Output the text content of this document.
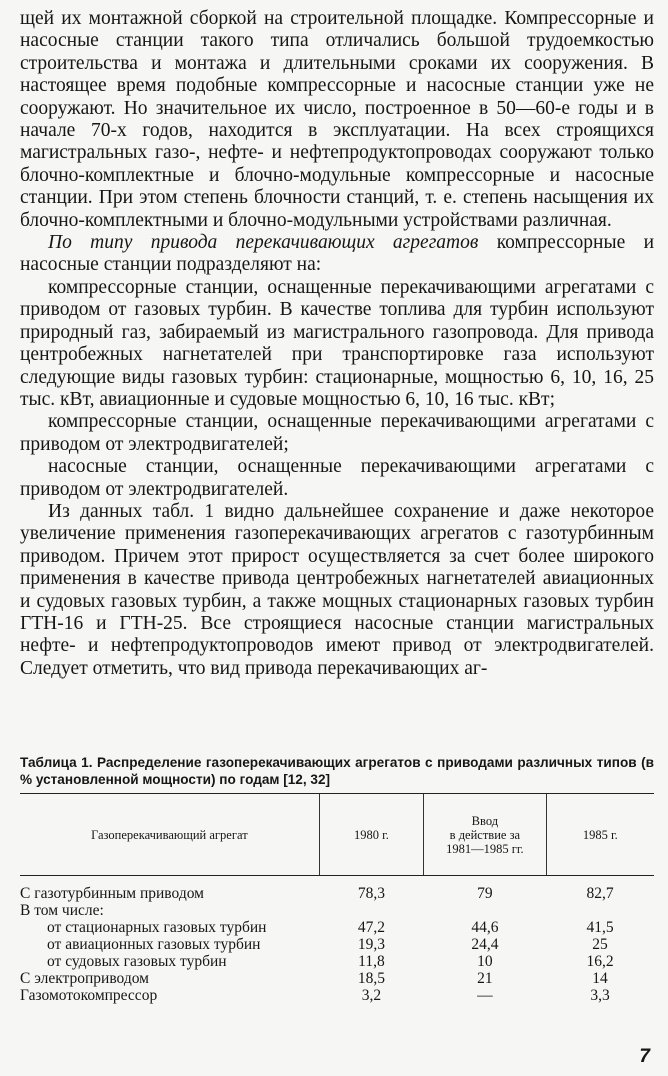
щей их монтажной сборкой на строительной площадке. Компрессорные и насосные станции такого типа отличались большой трудоемкостью строительства и монтажа и длительными сроками их сооружения. В настоящее время подобные компрессорные и насосные станции уже не сооружают. Но значительное их число, построенное в 50—60-е годы и в начале 70-х годов, находится в эксплуатации. На всех строящихся магистральных газо-, нефте- и нефтепродуктопроводах сооружают только блочно-комплектные и блочно-модульные компрессорные и насосные станции. При этом степень блочности станций, т. е. степень насыщения их блочно-комплектными и блочно-модульными устройствами различная.

По типу привода перекачивающих агрегатов компрессорные и насосные станции подразделяют на:

компрессорные станции, оснащенные перекачивающими агрегатами с приводом от газовых турбин. В качестве топлива для турбин используют природный газ, забираемый из магистрального газопровода. Для привода центробежных нагнетателей при транспортировке газа используют следующие виды газовых турбин: стационарные, мощностью 6, 10, 16, 25 тыс. кВт, авиационные и судовые мощностью 6, 10, 16 тыс. кВт;

компрессорные станции, оснащенные перекачивающими агрегатами с приводом от электродвигателей;

насосные станции, оснащенные перекачивающими агрегатами с приводом от электродвигателей.

Из данных табл. 1 видно дальнейшее сохранение и даже некоторое увеличение применения газоперекачивающих агрегатов с газотурбинным приводом. Причем этот прирост осуществляется за счет более широкого применения в качестве привода центробежных нагнетателей авиационных и судовых газовых турбин, а также мощных стационарных газовых турбин ГТН-16 и ГТН-25. Все строящиеся насосные станции магистральных нефте- и нефтепродуктопроводов имеют привод от электродвигателей. Следует отметить, что вид привода перекачивающих аг-

Таблица 1. Распределение газоперекачивающих агрегатов с приводами различных типов (в % установленной мощности) по годам [12, 32]
Газоперекачивающий агрегат	1980 г.	Ввод
в действие за
1981—1985 гг.	1985 г.
С газотурбинным приводом	78,3	79	82,7
В том числе:			
от стационарных газовых турбин	47,2	44,6	41,5
от авиационных газовых турбин	19,3	24,4	25
от судовых газовых турбин	11,8	10	16,2
С электроприводом	18,5	21	14
Газомотокомпрессор	3,2	—	3,3
7
